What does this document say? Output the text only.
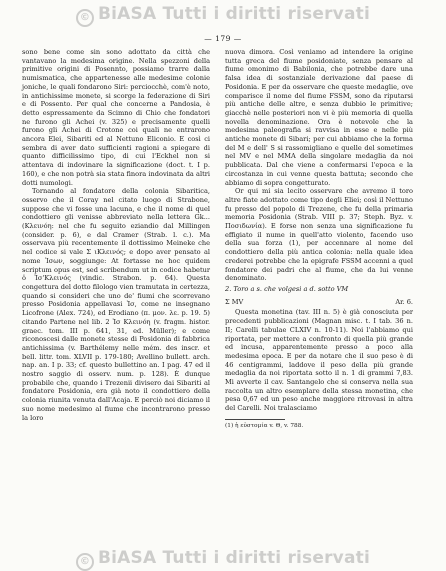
© BiASA Tutti i diritti riservati
— 179 —

sono bene come sin sono adottato da città che vantavano la medesima origine. Nella spezzoni della primitive origini di Posennto, possiamo trarre dalla numismatica, che appartenesse alle medesime colonie joniche, le quali fondarono Siri: perciocchè, com'è noto, in antichissime monete, si scorge la federazione di Siri e di Possento. Per qual che concerne a Pandosia, è detto espressamente da Scimno di Chio che fondatori ne furono gli Achei (v. 325) e precisamente quelli furono gli Achei di Crotone coi quali ne entrarono ancora Elei, Sibariti ed al Nettuno Eliconio. E così ci sembra di aver dato sufficienti ragioni a spiegare di quanto difficilissimo tipo, di cui l'Eckhel non si attentava di indovinare la significazione (doct. t. I p. 160), e che non potrà sia stata finora indovinata da altri dotti numologi.

Tornando al fondatore della colonia Sibaritica, osservo che il Coray nel citato luogo di Strabone, suppose che vi fosse una lacuna, e che il nome di quel condottiero gli venisse abbreviato nella lettera Gk... (Κλεινόη: nel che fu seguito eziandio dal Millingen (consider. p. 6), e dal Cramer (Strab. l. c.). Ma osservava più recentemente il dottissimo Meineke che nel codice si vale Σ ιΚλεινός; e dopo aver pensato al nome Ἰσων, soggiunge: At fortasse ne hoc quidem scriptum opus est, sed scribendum ut in codice habetur ὁ Ἰσ'Κλεινός (vindic. Strabon. p. 64). Questa congettura del dotto filologo vien tramutata in certezza, quando si consideri che uno de' fiumi che scorrevano presso Posidonia appellavasi Ἰσ, come ne insegnano Licofrone (Alex. 724), ed Erodiano (π. μον. λε. p. 19. 5) citando Partene nel lib. 2 Ἰσ Κλεινόη (v. fragm. histor. graec. tom. III p. 641, 31, ed. Müller); e come riconoscesi dalle monete stesse di Posidonia di fabbrica antichissima (v. Barthélemy nelle mém. des inscr. et bell. littr. tom. XLVII p. 179-180; Avellino bullett. arch. nap. an. I p. 33; cf. questo bullettino an. I pag. 47 ed il nostro saggio di osserv. num. p. 128). È dunque probabile che, quando i Trezenii divisero dai Sibariti al fondatore Posidonia, era già noto il condottiero della colonia riunita venuta dall'Acaja. E perciò noi diciamo il suo nome medesimo al fiume che incontrarono presso la loro

nuova dimora. Così veniamo ad intendere la origine tutta greca del fiume posidoniate, senza pensare al fiume omonimo di Babilonia, che potrebbe dare una falsa idea di sostanziale derivazione dal paese di Posidonia. E per da osservare che queste medaglie, ove comparisce il nome del fiume FSSM, sono da riputarsi più antiche delle altre, e senza dubbio le primitive; giacchè nelle posteriori non vi è più memoria di quella novella denominazione. Ora è notevole che la medesima paleografia si ravvisa in esse e nelle più antiche monete di Sibari; per cui abbiamo che la forma del M e dell' S si rassomigliano e quelle del sometimes nel MV e nel MMA della singolare medaglia da noi pubblicata. Dal che viene a confermarsi l'epoca e la circostanza in cui venne questa battuta; secondo che abbiamo di sopra congetturato.

Or qui mi sia lecito osservare che avremo il toro altre fiate adottato come tipo degli Eliei; così il Nettuno fu presso del popolo di Trezene, che fu della primaria memoria Posidonia (Strab. VIII p. 37; Steph. Byz. v. Ποσιδωνία). E forse non senza una significazione fu effigiato il nume in quell'atto violento, facendo uso della sua forza (1), per accennare al nome del condottiero della più antica colonia: nella quale idea crederei potrebbe che la epigrafe FSSM accenni a quel fondatore dei padri che al fiume, che da lui venne denominato.

2. Toro a s. che volgesi a d. sotto VM
Ʃ MV	Ar. 6.

Questa monetina (tav. III n. 5) è già conosciuta per precedenti pubblicazioni (Magnan misc. t. I tab. 36 n. II; Carelli tabulae CLXIV n. 10-11). Noi l'abbiamo qui riportata, per mettere a confronto di quella più grande ed incusa, apparentemente presso a poco alla medesima epoca. E per da notare che il suo peso è di 46 centigrammi, laddove il peso della più grande medaglia da noi riportata sotto il n. 1 di grammi 7,83. Mi avverte il cav. Santangelo che si conserva nella sua raccolta un altro esemplare della stessa monetina, che pesa 0,67 ed un peso anche maggiore ritrovasi in altra del Carelli. Noi tralasciamo

(1) ἡ εὐστομία v. Θ, v. 788.

© BiASA Tutti i diritti riservati
